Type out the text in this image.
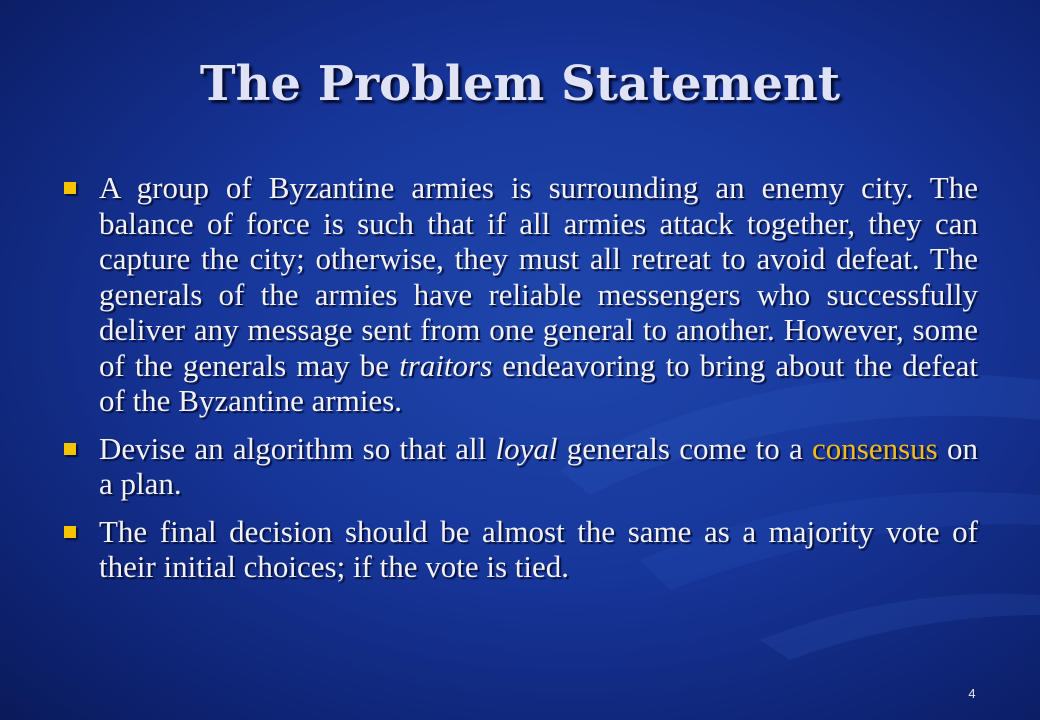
The Problem Statement
A group of Byzantine armies is surrounding an enemy city. The balance of force is such that if all armies attack together, they can capture the city; otherwise, they must all retreat to avoid defeat. The generals of the armies have reliable messengers who successfully deliver any message sent from one general to another. However, some of the generals may be traitors endeavoring to bring about the defeat of the Byzantine armies.
Devise an algorithm so that all loyal generals come to a consensus on a plan.
The final decision should be almost the same as a majority vote of their initial choices; if the vote is tied.
4
